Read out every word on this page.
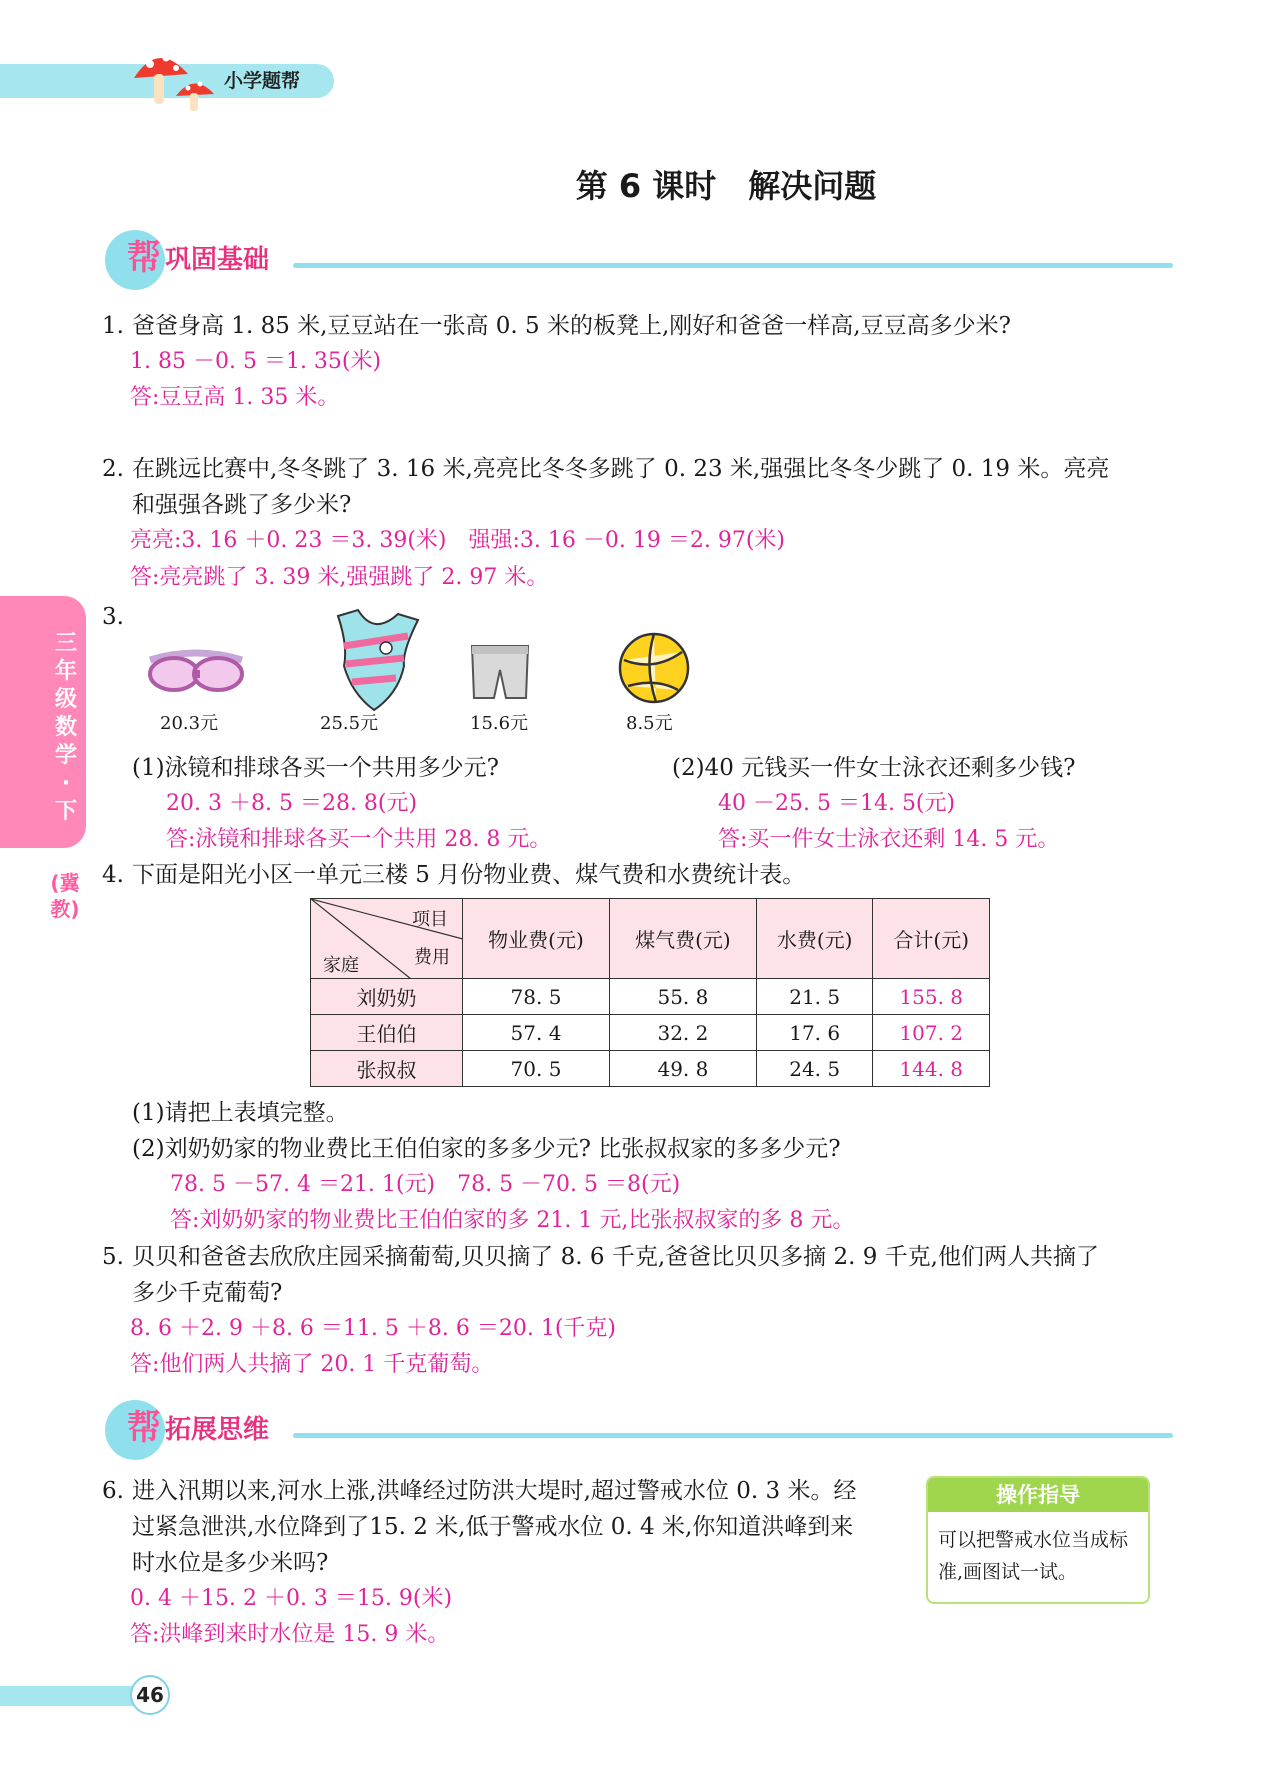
小学题帮
第 6 课时　解决问题
帮 巩固基础
三年级数学·下
(冀教)
1. 爸爸身高 1. 85 米,豆豆站在一张高 0. 5 米的板凳上,刚好和爸爸一样高,豆豆高多少米?
1. 85 －0. 5 ＝1. 35(米)
答:豆豆高 1. 35 米。
2. 在跳远比赛中,冬冬跳了 3. 16 米,亮亮比冬冬多跳了 0. 23 米,强强比冬冬少跳了 0. 19 米。亮亮
和强强各跳了多少米?
亮亮:3. 16 ＋0. 23 ＝3. 39(米)　强强:3. 16 －0. 19 ＝2. 97(米)
答:亮亮跳了 3. 39 米,强强跳了 2. 97 米。
3.
20.3元	25.5元	15.6元	8.5元
(1)泳镜和排球各买一个共用多少元?
20. 3 ＋8. 5 ＝28. 8(元)
答:泳镜和排球各买一个共用 28. 8 元。
(2)40 元钱买一件女士泳衣还剩多少钱?
40 －25. 5 ＝14. 5(元)
答:买一件女士泳衣还剩 14. 5 元。
4. 下面是阳光小区一单元三楼 5 月份物业费、煤气费和水费统计表。
项目
费用
家庭	物业费(元)	煤气费(元)	水费(元)	合计(元)
刘奶奶	78. 5	55. 8	21. 5	155. 8
王伯伯	57. 4	32. 2	17. 6	107. 2
张叔叔	70. 5	49. 8	24. 5	144. 8
(1)请把上表填完整。
(2)刘奶奶家的物业费比王伯伯家的多多少元? 比张叔叔家的多多少元?
78. 5 －57. 4 ＝21. 1(元)　78. 5 －70. 5 ＝8(元)
答:刘奶奶家的物业费比王伯伯家的多 21. 1 元,比张叔叔家的多 8 元。
5. 贝贝和爸爸去欣欣庄园采摘葡萄,贝贝摘了 8. 6 千克,爸爸比贝贝多摘 2. 9 千克,他们两人共摘了
多少千克葡萄?
8. 6 ＋2. 9 ＋8. 6 ＝11. 5 ＋8. 6 ＝20. 1(千克)
答:他们两人共摘了 20. 1 千克葡萄。
帮 拓展思维
6. 进入汛期以来,河水上涨,洪峰经过防洪大堤时,超过警戒水位 0. 3 米。经
过紧急泄洪,水位降到了15. 2 米,低于警戒水位 0. 4 米,你知道洪峰到来
时水位是多少米吗?
0. 4 ＋15. 2 ＋0. 3 ＝15. 9(米)
答:洪峰到来时水位是 15. 9 米。
操作指导
可以把警戒水位当成标准,画图试一试。
46
